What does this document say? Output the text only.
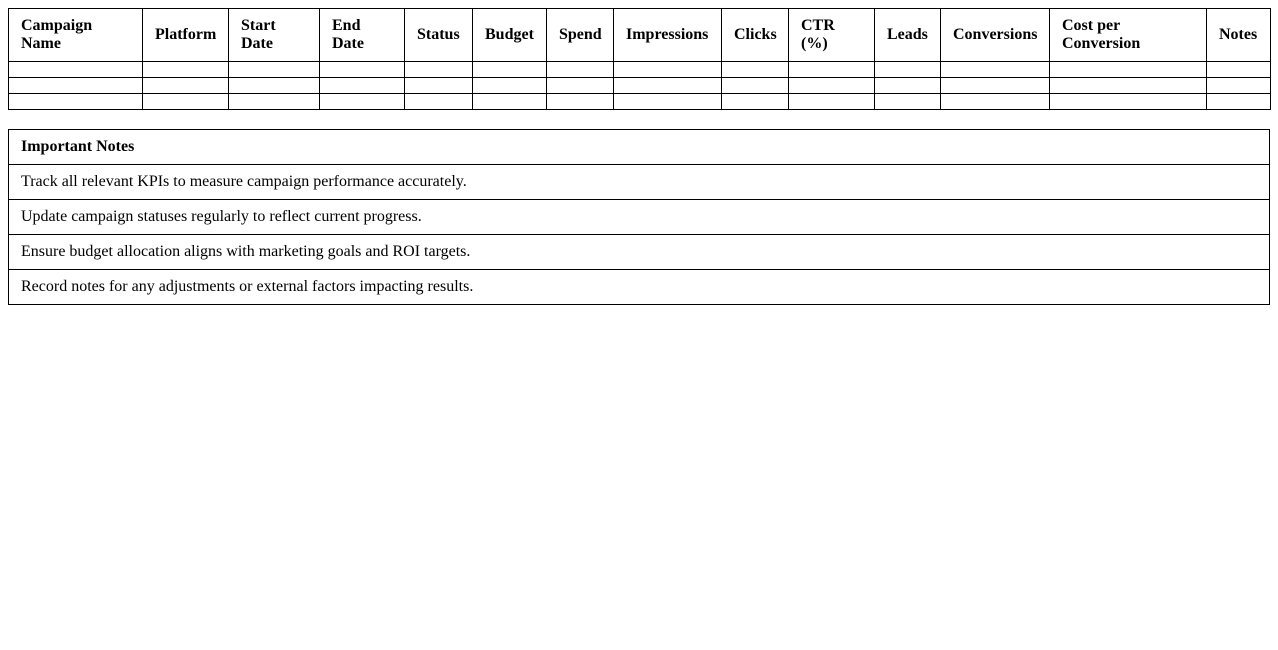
Campaign Name	Platform	Start Date	End Date	Status	Budget	Spend	Impressions	Clicks	CTR (%)	Leads	Conversions	Cost per Conversion	Notes

Important Notes
Track all relevant KPIs to measure campaign performance accurately.
Update campaign statuses regularly to reflect current progress.
Ensure budget allocation aligns with marketing goals and ROI targets.
Record notes for any adjustments or external factors impacting results.
